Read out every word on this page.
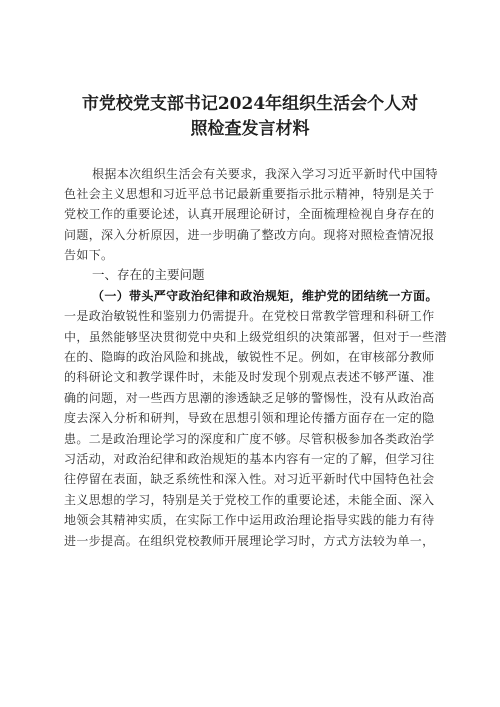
市党校党支部书记2024年组织生活会个人对
照检查发言材料
根据本次组织生活会有关要求，我深入学习习近平新时代中国特
色社会主义思想和习近平总书记最新重要指示批示精神，特别是关于
党校工作的重要论述，认真开展理论研讨，全面梳理检视自身存在的
问题，深入分析原因，进一步明确了整改方向。现将对照检查情况报
告如下。
一、存在的主要问题
（一）带头严守政治纪律和政治规矩，维护党的团结统一方面。
一是政治敏锐性和鉴别力仍需提升。在党校日常教学管理和科研工作
中，虽然能够坚决贯彻党中央和上级党组织的决策部署，但对于一些潜
在的、隐晦的政治风险和挑战，敏锐性不足。例如，在审核部分教师
的科研论文和教学课件时，未能及时发现个别观点表述不够严谨、准
确的问题，对一些西方思潮的渗透缺乏足够的警惕性，没有从政治高
度去深入分析和研判，导致在思想引领和理论传播方面存在一定的隐
患。二是政治理论学习的深度和广度不够。尽管积极参加各类政治学
习活动，对政治纪律和政治规矩的基本内容有一定的了解，但学习往
往停留在表面，缺乏系统性和深入性。对习近平新时代中国特色社会
主义思想的学习，特别是关于党校工作的重要论述，未能全面、深入
地领会其精神实质，在实际工作中运用政治理论指导实践的能力有待
进一步提高。在组织党校教师开展理论学习时，方式方法较为单一，
